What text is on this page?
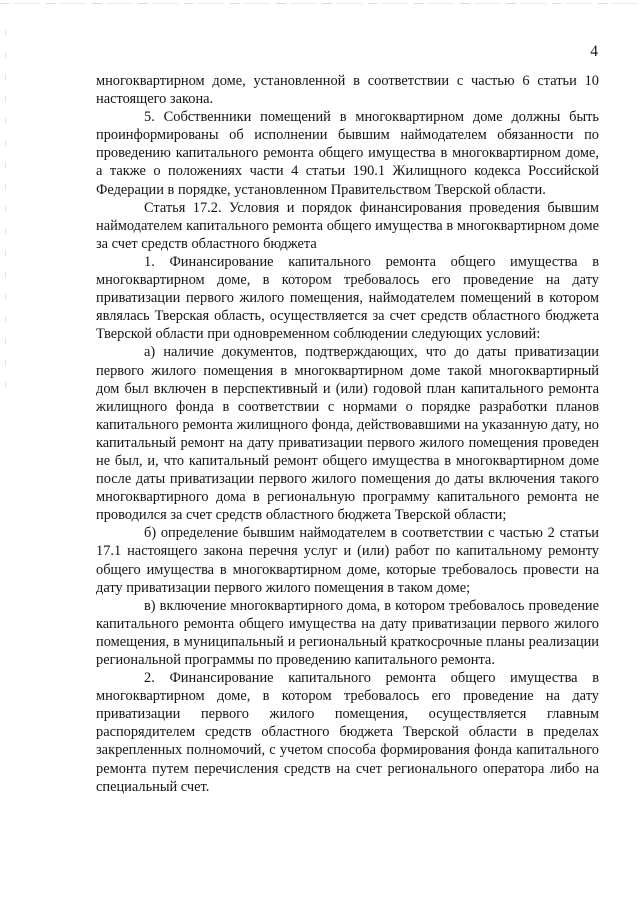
4

многоквартирном доме, установленной в соответствии с частью 6 статьи 10 настоящего закона.

5. Собственники помещений в многоквартирном доме должны быть проинформированы об исполнении бывшим наймодателем обязанности по проведению капитального ремонта общего имущества в многоквартирном доме, а также о положениях части 4 статьи 190.1 Жилищного кодекса Российской Федерации в порядке, установленном Правительством Тверской области.

Статья 17.2. Условия и порядок финансирования проведения бывшим наймодателем капитального ремонта общего имущества в многоквартирном доме за счет средств областного бюджета

1. Финансирование капитального ремонта общего имущества в многоквартирном доме, в котором требовалось его проведение на дату приватизации первого жилого помещения, наймодателем помещений в котором являлась Тверская область, осуществляется за счет средств областного бюджета Тверской области при одновременном соблюдении следующих условий:

а) наличие документов, подтверждающих, что до даты приватизации первого жилого помещения в многоквартирном доме такой многоквартирный дом был включен в перспективный и (или) годовой план капитального ремонта жилищного фонда в соответствии с нормами о порядке разработки планов капитального ремонта жилищного фонда, действовавшими на указанную дату, но капитальный ремонт на дату приватизации первого жилого помещения проведен не был, и, что капитальный ремонт общего имущества в многоквартирном доме после даты приватизации первого жилого помещения до даты включения такого многоквартирного дома в региональную программу капитального ремонта не проводился за счет средств областного бюджета Тверской области;

б) определение бывшим наймодателем в соответствии с частью 2 статьи 17.1 настоящего закона перечня услуг и (или) работ по капитальному ремонту общего имущества в многоквартирном доме, которые требовалось провести на дату приватизации первого жилого помещения в таком доме;

в) включение многоквартирного дома, в котором требовалось проведение капитального ремонта общего имущества на дату приватизации первого жилого помещения, в муниципальный и региональный краткосрочные планы реализации региональной программы по проведению капитального ремонта.

2. Финансирование капитального ремонта общего имущества в многоквартирном доме, в котором требовалось его проведение на дату приватизации первого жилого помещения, осуществляется главным распорядителем средств областного бюджета Тверской области в пределах закрепленных полномочий, с учетом способа формирования фонда капитального ремонта путем перечисления средств на счет регионального оператора либо на специальный счет.
